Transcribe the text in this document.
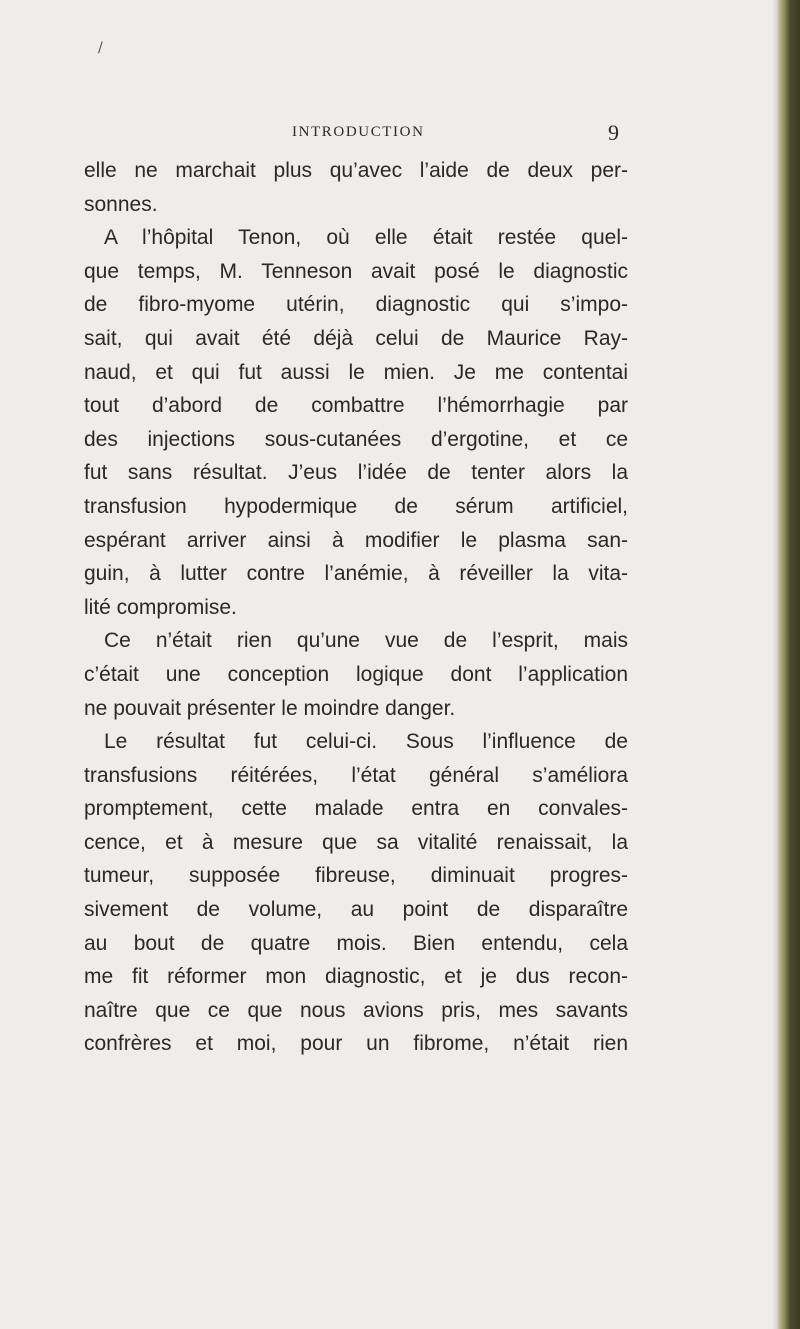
/
INTRODUCTION	9
elle ne marchait plus qu’avec l’aide de deux per-
sonnes.
A l’hôpital Tenon, où elle était restée quel-
que temps, M. Tenneson avait posé le diagnostic
de fibro-myome utérin, diagnostic qui s’impo-
sait, qui avait été déjà celui de Maurice Ray-
naud, et qui fut aussi le mien. Je me contentai
tout d’abord de combattre l’hémorrhagie par
des injections sous-cutanées d’ergotine, et ce
fut sans résultat. J’eus l’idée de tenter alors la
transfusion hypodermique de sérum artificiel,
espérant arriver ainsi à modifier le plasma san-
guin, à lutter contre l’anémie, à réveiller la vita-
lité compromise.
Ce n’était rien qu’une vue de l’esprit, mais
c’était une conception logique dont l’application
ne pouvait présenter le moindre danger.
Le résultat fut celui-ci. Sous l’influence de
transfusions réitérées, l’état général s’améliora
promptement, cette malade entra en convales-
cence, et à mesure que sa vitalité renaissait, la
tumeur, supposée fibreuse, diminuait progres-
sivement de volume, au point de disparaître
au bout de quatre mois. Bien entendu, cela
me fit réformer mon diagnostic, et je dus recon-
naître que ce que nous avions pris, mes savants
confrères et moi, pour un fibrome, n’était rien
